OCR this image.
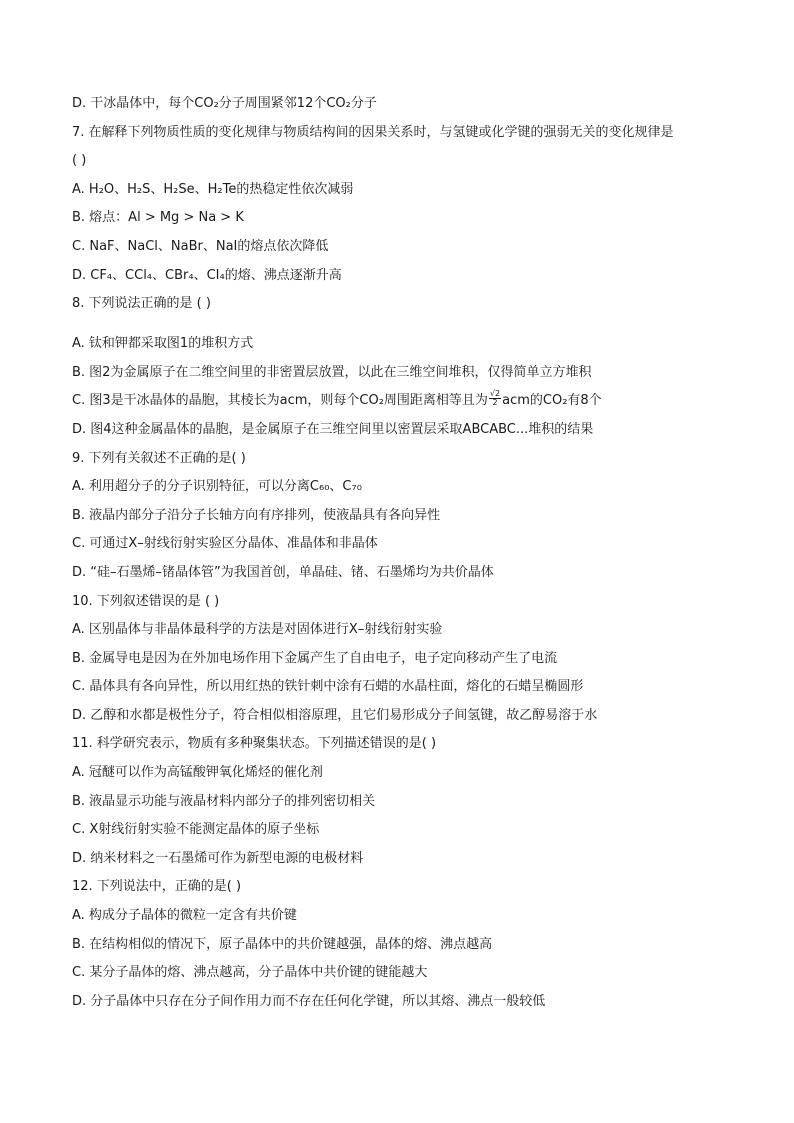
D. 干冰晶体中，每个CO₂分子周围紧邻12个CO₂分子
7. 在解释下列物质性质的变化规律与物质结构间的因果关系时，与氢键或化学键的强弱无关的变化规律是
( )
A. H₂O、H₂S、H₂Se、H₂Te的热稳定性依次减弱
B. 熔点：Al > Mg > Na > K
C. NaF、NaCl、NaBr、NaI的熔点依次降低
D. CF₄、CCl₄、CBr₄、CI₄的熔、沸点逐渐升高
8. 下列说法正确的是 ( )
A. 钛和钾都采取图1的堆积方式
B. 图2为金属原子在二维空间里的非密置层放置，以此在三维空间堆积，仅得简单立方堆积
C. 图3是干冰晶体的晶胞，其棱长为acm，则每个CO₂周围距离相等且为 $\frac{√2}{2}$ acm的CO₂有8个
D. 图4这种金属晶体的晶胞，是金属原子在三维空间里以密置层采取ABCABC...堆积的结果
9. 下列有关叙述不正确的是( )
A. 利用超分子的分子识别特征，可以分离C₆₀、C₇₀
B. 液晶内部分子沿分子长轴方向有序排列，使液晶具有各向异性
C. 可通过X–射线衍射实验区分晶体、准晶体和非晶体
D. “硅–石墨烯–锗晶体管”为我国首创，单晶硅、锗、石墨烯均为共价晶体
10. 下列叙述错误的是 ( )
A. 区别晶体与非晶体最科学的方法是对固体进行X–射线衍射实验
B. 金属导电是因为在外加电场作用下金属产生了自由电子，电子定向移动产生了电流
C. 晶体具有各向异性，所以用红热的铁针刺中涂有石蜡的水晶柱面，熔化的石蜡呈椭圆形
D. 乙醇和水都是极性分子，符合相似相溶原理，且它们易形成分子间氢键，故乙醇易溶于水
11. 科学研究表示，物质有多种聚集状态。下列描述错误的是( )
A. 冠醚可以作为高锰酸钾氧化烯烃的催化剂
B. 液晶显示功能与液晶材料内部分子的排列密切相关
C. X射线衍射实验不能测定晶体的原子坐标
D. 纳米材料之一石墨烯可作为新型电源的电极材料
12. 下列说法中，正确的是( )
A. 构成分子晶体的微粒一定含有共价键
B. 在结构相似的情况下，原子晶体中的共价键越强，晶体的熔、沸点越高
C. 某分子晶体的熔、沸点越高，分子晶体中共价键的键能越大
D. 分子晶体中只存在分子间作用力而不存在任何化学键，所以其熔、沸点一般较低
